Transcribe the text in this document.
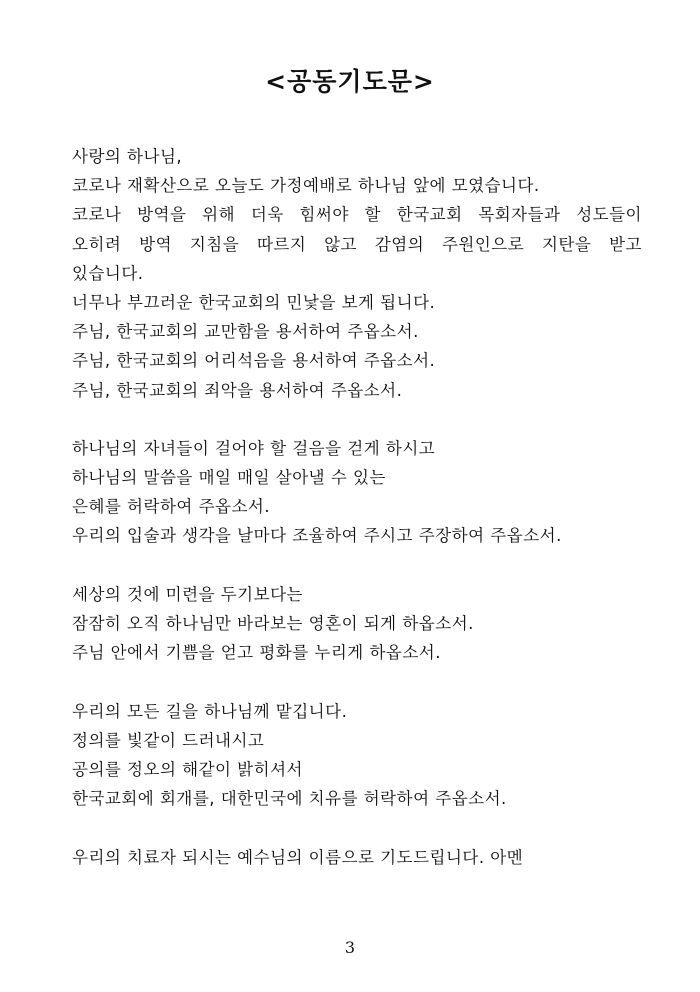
<공동기도문>
사랑의 하나님,
코로나 재확산으로 오늘도 가정예배로 하나님 앞에 모였습니다.
코로나 방역을 위해 더욱 힘써야 할 한국교회 목회자들과 성도들이
오히려 방역 지침을 따르지 않고 감염의 주원인으로 지탄을 받고
있습니다.
너무나 부끄러운 한국교회의 민낯을 보게 됩니다.
주님, 한국교회의 교만함을 용서하여 주옵소서.
주님, 한국교회의 어리석음을 용서하여 주옵소서.
주님, 한국교회의 죄악을 용서하여 주옵소서.
하나님의 자녀들이 걸어야 할 걸음을 걷게 하시고
하나님의 말씀을 매일 매일 살아낼 수 있는
은혜를 허락하여 주옵소서.
우리의 입술과 생각을 날마다 조율하여 주시고 주장하여 주옵소서.
세상의 것에 미련을 두기보다는
잠잠히 오직 하나님만 바라보는 영혼이 되게 하옵소서.
주님 안에서 기쁨을 얻고 평화를 누리게 하옵소서.
우리의 모든 길을 하나님께 맡깁니다.
정의를 빛같이 드러내시고
공의를 정오의 해같이 밝히셔서
한국교회에 회개를, 대한민국에 치유를 허락하여 주옵소서.
우리의 치료자 되시는 예수님의 이름으로 기도드립니다. 아멘
3
